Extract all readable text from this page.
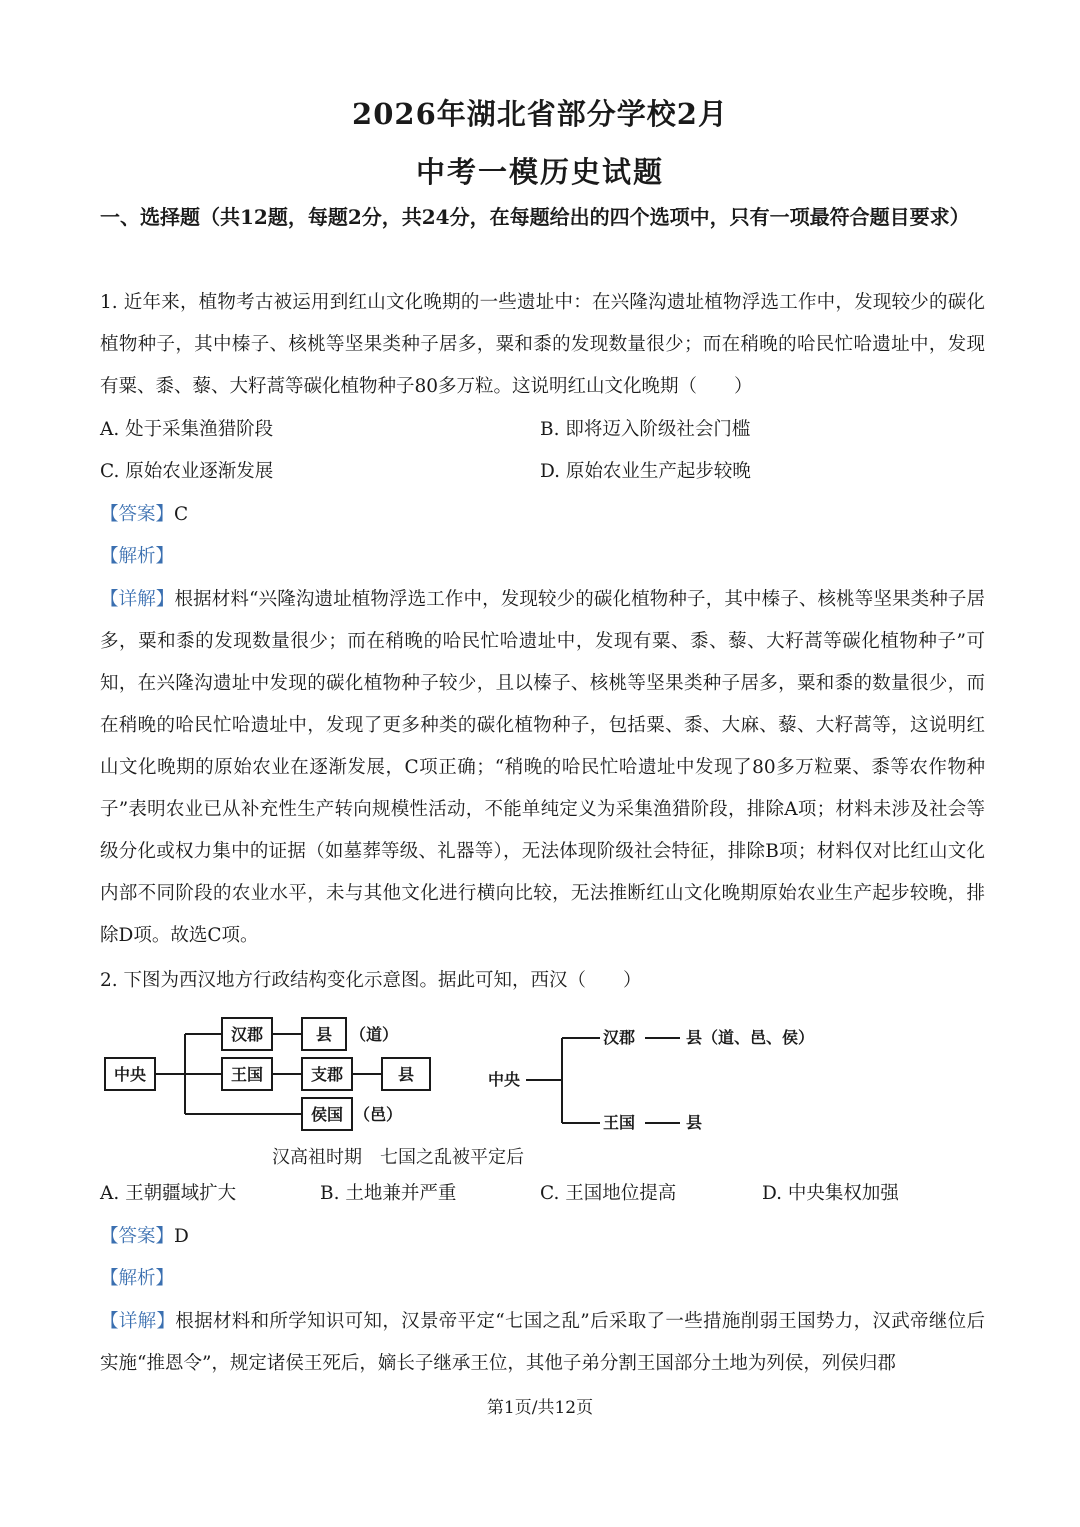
2026年湖北省部分学校2月
中考一模历史试题
一、选择题（共12题，每题2分，共24分，在每题给出的四个选项中，只有一项最符合题目要求）
1. 近年来，植物考古被运用到红山文化晚期的一些遗址中：在兴隆沟遗址植物浮选工作中，发现较少的碳化植物种子，其中榛子、核桃等坚果类种子居多，粟和黍的发现数量很少；而在稍晚的哈民忙哈遗址中，发现有粟、黍、藜、大籽蒿等碳化植物种子80多万粒。这说明红山文化晚期（　　）
A. 处于采集渔猎阶段	B. 即将迈入阶级社会门槛
C. 原始农业逐渐发展	D. 原始农业生产起步较晚
【答案】C
【解析】
【详解】根据材料“兴隆沟遗址植物浮选工作中，发现较少的碳化植物种子，其中榛子、核桃等坚果类种子居多，粟和黍的发现数量很少；而在稍晚的哈民忙哈遗址中，发现有粟、黍、藜、大籽蒿等碳化植物种子”可知，在兴隆沟遗址中发现的碳化植物种子较少，且以榛子、核桃等坚果类种子居多，粟和黍的数量很少，而在稍晚的哈民忙哈遗址中，发现了更多种类的碳化植物种子，包括粟、黍、大麻、藜、大籽蒿等，这说明红山文化晚期的原始农业在逐渐发展，C项正确；“稍晚的哈民忙哈遗址中发现了80多万粒粟、黍等农作物种子”表明农业已从补充性生产转向规模性活动，不能单纯定义为采集渔猎阶段，排除A项；材料未涉及社会等级分化或权力集中的证据（如墓葬等级、礼器等），无法体现阶级社会特征，排除B项；材料仅对比红山文化内部不同阶段的农业水平，未与其他文化进行横向比较，无法推断红山文化晚期原始农业生产起步较晚，排除D项。故选C项。
2. 下图为西汉地方行政结构变化示意图。据此可知，西汉（　　）
中央
汉郡	县 （道）
王国	支郡	县
侯国 （邑）
汉高祖时期
中央
汉郡	县（道、邑、侯）
王国	县
七国之乱被平定后
A. 王朝疆域扩大	B. 土地兼并严重	C. 王国地位提高	D. 中央集权加强
【答案】D
【解析】
【详解】根据材料和所学知识可知，汉景帝平定“七国之乱”后采取了一些措施削弱王国势力，汉武帝继位后实施“推恩令”，规定诸侯王死后，嫡长子继承王位，其他子弟分割王国部分土地为列侯，列侯归郡
第1页/共12页
